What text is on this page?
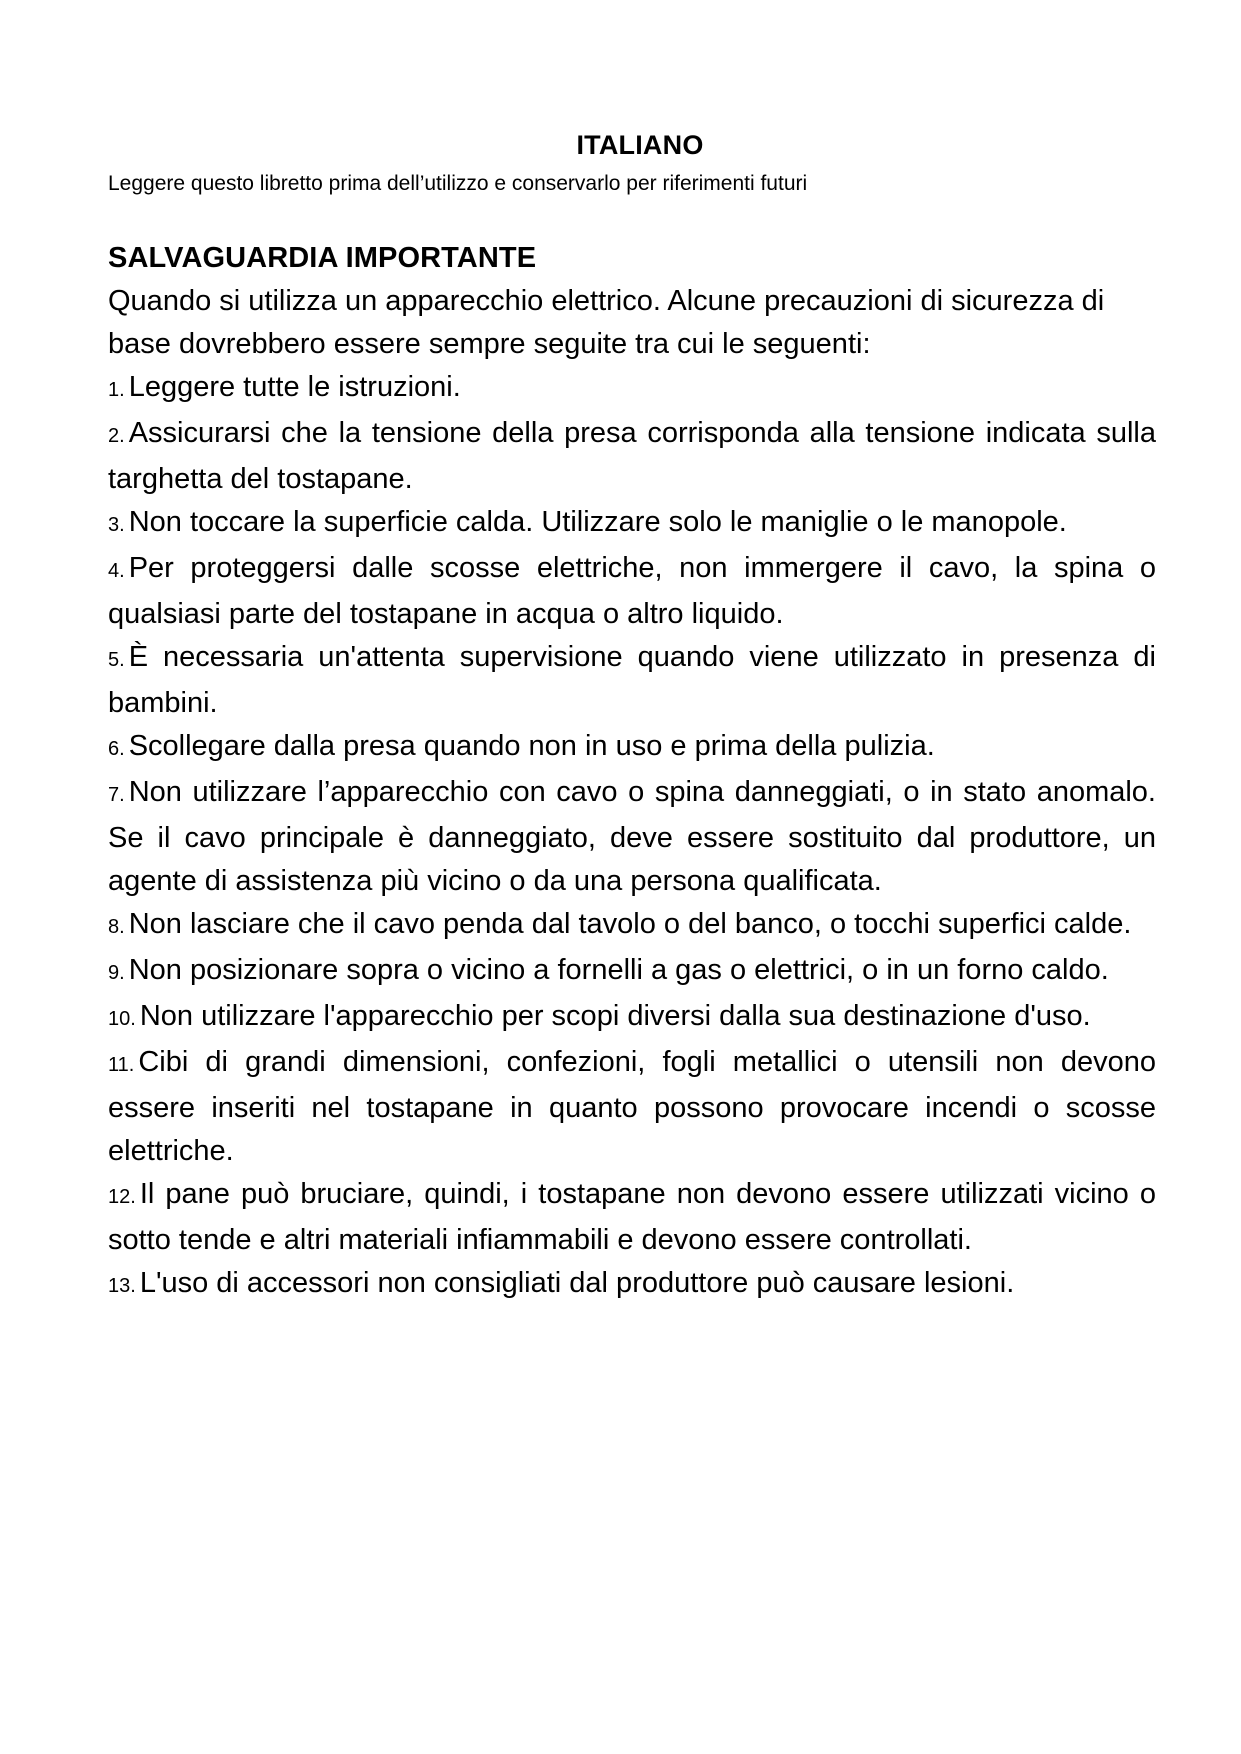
ITALIANO
Leggere questo libretto prima dell’utilizzo e conservarlo per riferimenti futuri
SALVAGUARDIA IMPORTANTE

Quando si utilizza un apparecchio elettrico. Alcune precauzioni di sicurezza di base dovrebbero essere sempre seguite tra cui le seguenti:

1. Leggere tutte le istruzioni.

2. Assicurarsi che la tensione della presa corrisponda alla tensione indicata sulla targhetta del tostapane.

3. Non toccare la superficie calda. Utilizzare solo le maniglie o le manopole.

4. Per proteggersi dalle scosse elettriche, non immergere il cavo, la spina o qualsiasi parte del tostapane in acqua o altro liquido.

5. È necessaria un'attenta supervisione quando viene utilizzato in presenza di bambini.

6. Scollegare dalla presa quando non in uso e prima della pulizia.

7. Non utilizzare l’apparecchio con cavo o spina danneggiati, o in stato anomalo. Se il cavo principale è danneggiato, deve essere sostituito dal produttore, un agente di assistenza più vicino o da una persona qualificata.

8. Non lasciare che il cavo penda dal tavolo o del banco, o tocchi superfici calde.

9. Non posizionare sopra o vicino a fornelli a gas o elettrici, o in un forno caldo.

10. Non utilizzare l'apparecchio per scopi diversi dalla sua destinazione d'uso.

11. Cibi di grandi dimensioni, confezioni, fogli metallici o utensili non devono essere inseriti nel tostapane in quanto possono provocare incendi o scosse elettriche.

12. Il pane può bruciare, quindi, i tostapane non devono essere utilizzati vicino o sotto tende e altri materiali infiammabili e devono essere controllati.

13. L'uso di accessori non consigliati dal produttore può causare lesioni.
